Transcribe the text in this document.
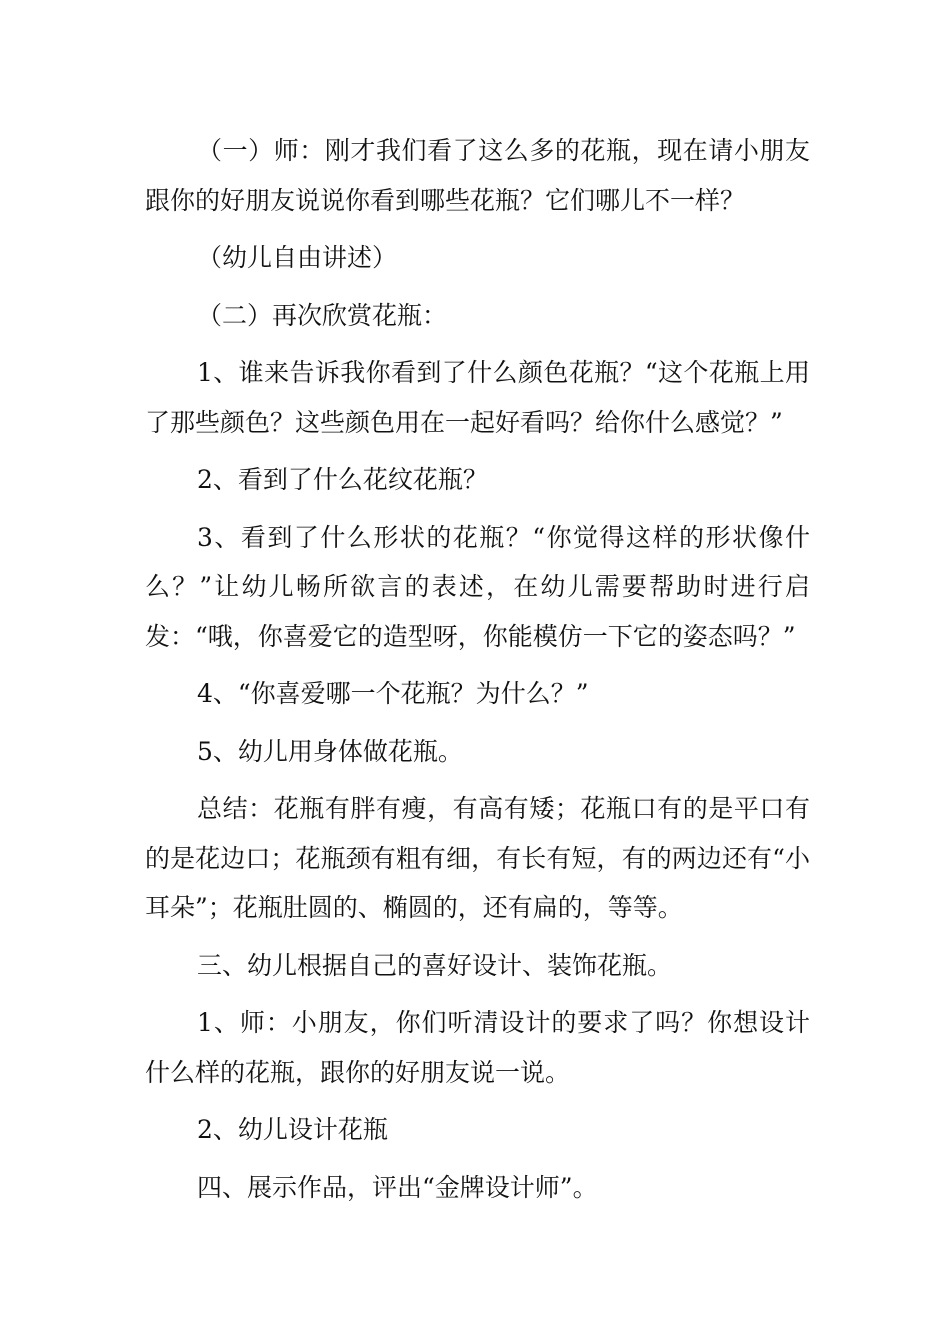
（一）师：刚才我们看了这么多的花瓶，现在请小朋友跟你的好朋友说说你看到哪些花瓶？它们哪儿不一样？

（幼儿自由讲述）

（二）再次欣赏花瓶：

1、谁来告诉我你看到了什么颜色花瓶？“这个花瓶上用了那些颜色？这些颜色用在一起好看吗？给你什么感觉？”

2、看到了什么花纹花瓶？

3、看到了什么形状的花瓶？“你觉得这样的形状像什么？”让幼儿畅所欲言的表述，在幼儿需要帮助时进行启发：“哦，你喜爱它的造型呀，你能模仿一下它的姿态吗？”

4、“你喜爱哪一个花瓶？为什么？”

5、幼儿用身体做花瓶。

总结：花瓶有胖有瘦，有高有矮；花瓶口有的是平口有的是花边口；花瓶颈有粗有细，有长有短，有的两边还有“小耳朵”；花瓶肚圆的、椭圆的，还有扁的，等等。

三、幼儿根据自己的喜好设计、装饰花瓶。

1、师：小朋友，你们听清设计的要求了吗？你想设计什么样的花瓶，跟你的好朋友说一说。

2、幼儿设计花瓶

四、展示作品，评出“金牌设计师”。
